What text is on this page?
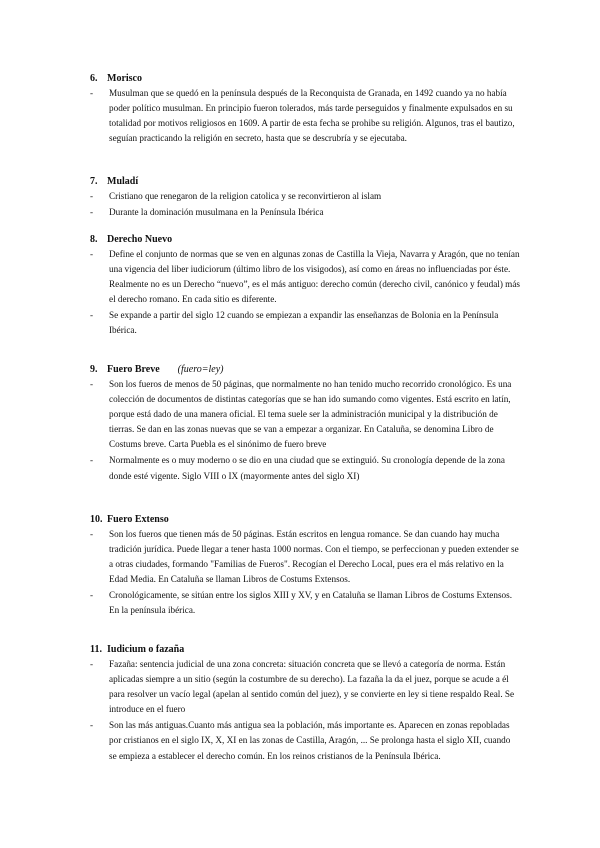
6. Morisco
- Musulman que se quedó en la península después de la Reconquista de Granada, en 1492 cuando ya no había poder político musulman. En principio fueron tolerados, más tarde perseguidos y finalmente expulsados en su totalidad por motivos religiosos en 1609. A partir de esta fecha se prohibe su religión. Algunos, tras el bautizo, seguían practicando la religión en secreto, hasta que se descrubría y se ejecutaba.
7. Muladí
- Cristiano que renegaron de la religion catolica y se reconvirtieron al islam
- Durante la dominación musulmana en la Península Ibérica
8. Derecho Nuevo
- Define el conjunto de normas que se ven en algunas zonas de Castilla la Vieja, Navarra y Aragón, que no tenían una vigencia del liber iudiciorum (último libro de los visigodos), así como en áreas no influenciadas por éste. Realmente no es un Derecho “nuevo”, es el más antiguo: derecho común (derecho civil, canónico y feudal) más el derecho romano. En cada sitio es diferente.
- Se expande a partir del siglo 12 cuando se empiezan a expandir las enseñanzas de Bolonia en la Península Ibérica.
9. Fuero Breve (fuero=ley)
- Son los fueros de menos de 50 páginas, que normalmente no han tenido mucho recorrido cronológico. Es una colección de documentos de distintas categorías que se han ido sumando como vigentes. Está escrito en latín, porque está dado de una manera oficial. El tema suele ser la administración municipal y la distribución de tierras. Se dan en las zonas nuevas que se van a empezar a organizar. En Cataluña, se denomina Libro de Costums breve. Carta Puebla es el sinónimo de fuero breve
- Normalmente es o muy moderno o se dio en una ciudad que se extinguió. Su cronología depende de la zona donde esté vigente. Siglo VIII o IX (mayormente antes del siglo XI)
10. Fuero Extenso
- Son los fueros que tienen más de 50 páginas. Están escritos en lengua romance. Se dan cuando hay mucha tradición jurídica. Puede llegar a tener hasta 1000 normas. Con el tiempo, se perfeccionan y pueden extender se a otras ciudades, formando "Familias de Fueros". Recogían el Derecho Local, pues era el más relativo en la Edad Media. En Cataluña se llaman Libros de Costums Extensos.
- Cronológicamente, se sitúan entre los siglos XIII y XV, y en Cataluña se llaman Libros de Costums Extensos. En la península ibérica.
11. Iudicium o fazaña
- Fazaña: sentencia judicial de una zona concreta: situación concreta que se llevó a categoría de norma. Están aplicadas siempre a un sitio (según la costumbre de su derecho). La fazaña la da el juez, porque se acude a él para resolver un vacío legal (apelan al sentido común del juez), y se convierte en ley si tiene respaldo Real. Se introduce en el fuero
- Son las más antiguas.Cuanto más antigua sea la población, más importante es. Aparecen en zonas repobladas por cristianos en el siglo IX, X, XI en las zonas de Castilla, Aragón, ... Se prolonga hasta el siglo XII, cuando se empieza a establecer el derecho común. En los reinos cristianos de la Península Ibérica.
